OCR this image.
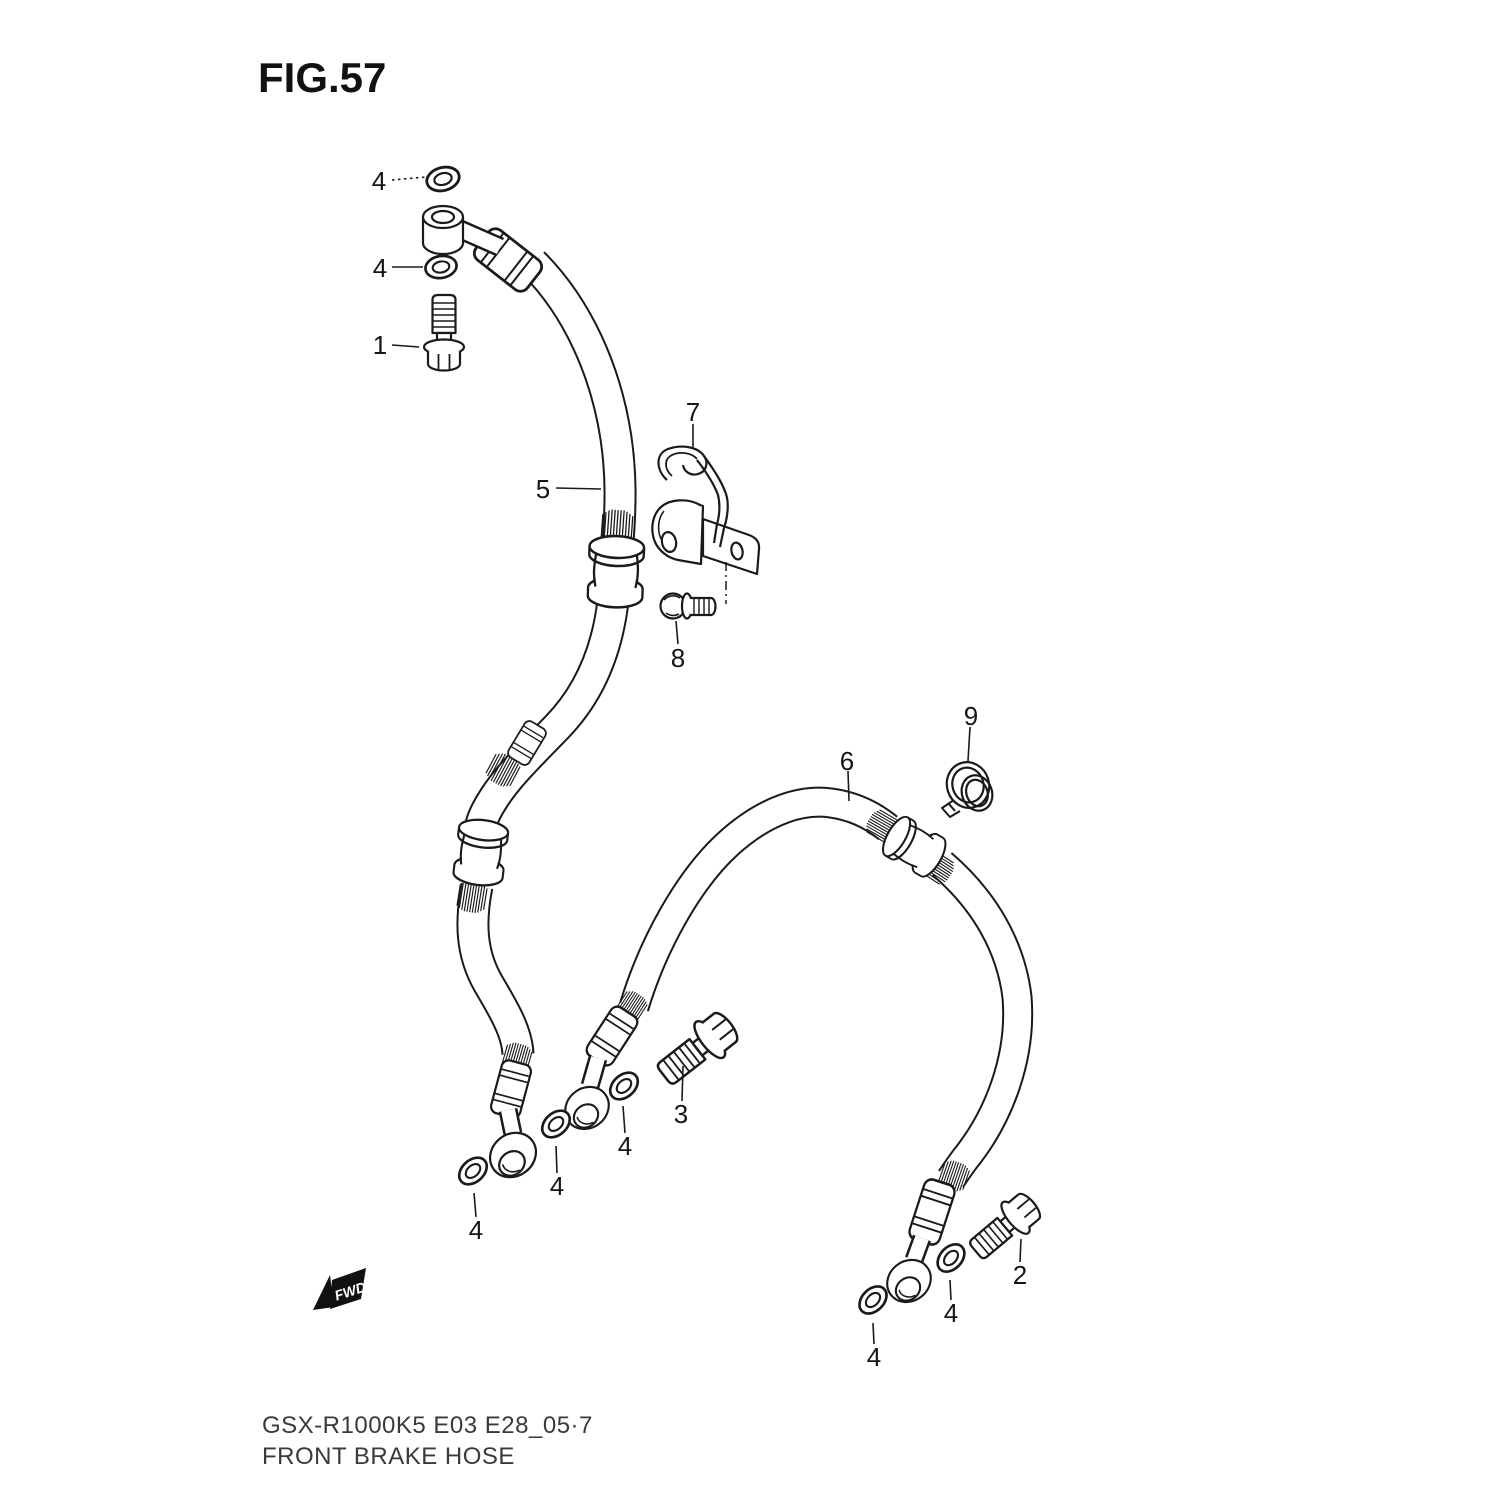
4
4
1
5
7
8
9
6
3
4
4
4
2
4
4
FIG.57
FWD
GSX-R1000K5 E03 E28_05·7
FRONT BRAKE HOSE
